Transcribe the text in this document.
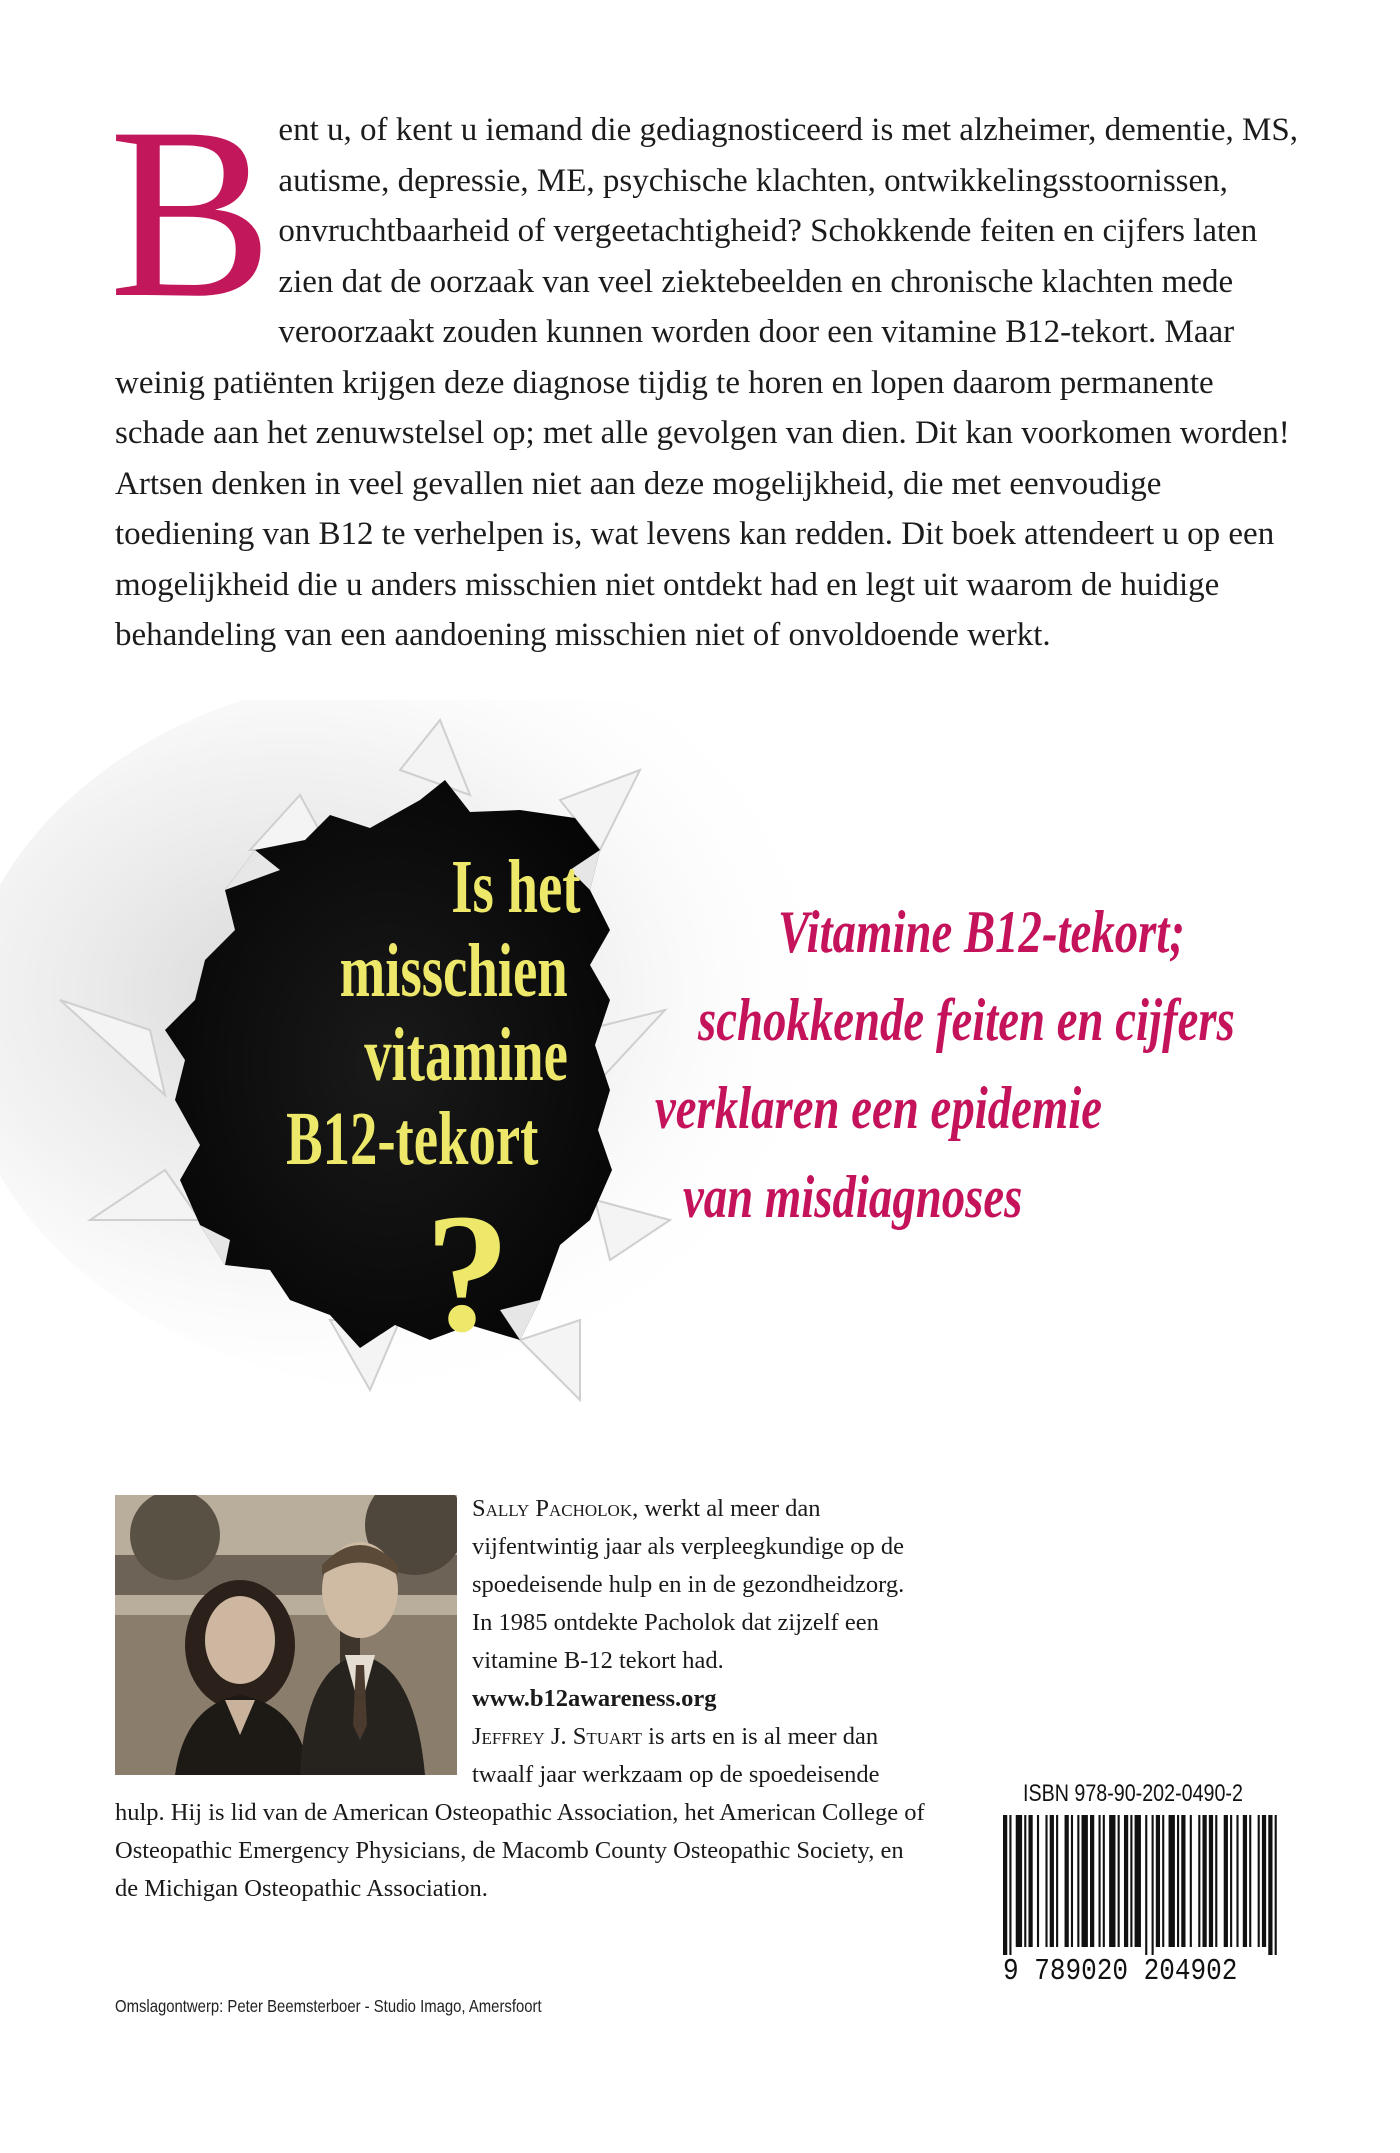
Bent u, of kent u iemand die gediagnosticeerd is met alzheimer, dementie, MS, autisme, depressie, ME, psychische klachten, ontwikkelingsstoornissen, onvruchtbaarheid of vergeetachtigheid? Schokkende feiten en cijfers laten zien dat de oorzaak van veel ziektebeelden en chronische klachten mede veroorzaakt zouden kunnen worden door een vitamine B12-tekort. Maar weinig patiënten krijgen deze diagnose tijdig te horen en lopen daarom permanente schade aan het zenuwstelsel op; met alle gevolgen van dien. Dit kan voorkomen worden! Artsen denken in veel gevallen niet aan deze mogelijkheid, die met eenvoudige toediening van B12 te verhelpen is, wat levens kan redden. Dit boek attendeert u op een mogelijkheid die u anders misschien niet ontdekt had en legt uit waarom de huidige behandeling van een aandoening misschien niet of onvoldoende werkt.

Is het
misschien
vitamine
B12-tekort
?
Vitamine B12-tekort;
schokkende feiten en cijfers
verklaren een epidemie
van misdiagnoses

Sally Pacholok, werkt al meer dan vijfentwintig jaar als verpleegkundige op de spoedeisende hulp en in de gezondheidzorg. In 1985 ontdekte Pacholok dat zijzelf een vitamine B-12 tekort had. www.b12awareness.org
Jeffrey J. Stuart is arts en is al meer dan twaalf jaar werkzaam op de spoedeisende hulp. Hij is lid van de American Osteopathic Association, het American College of Osteopathic Emergency Physicians, de Macomb County Osteopathic Society, en de Michigan Osteopathic Association.

ISBN 978-90-202-0490-2
9 789020 204902
Omslagontwerp: Peter Beemsterboer - Studio Imago, Amersfoort
